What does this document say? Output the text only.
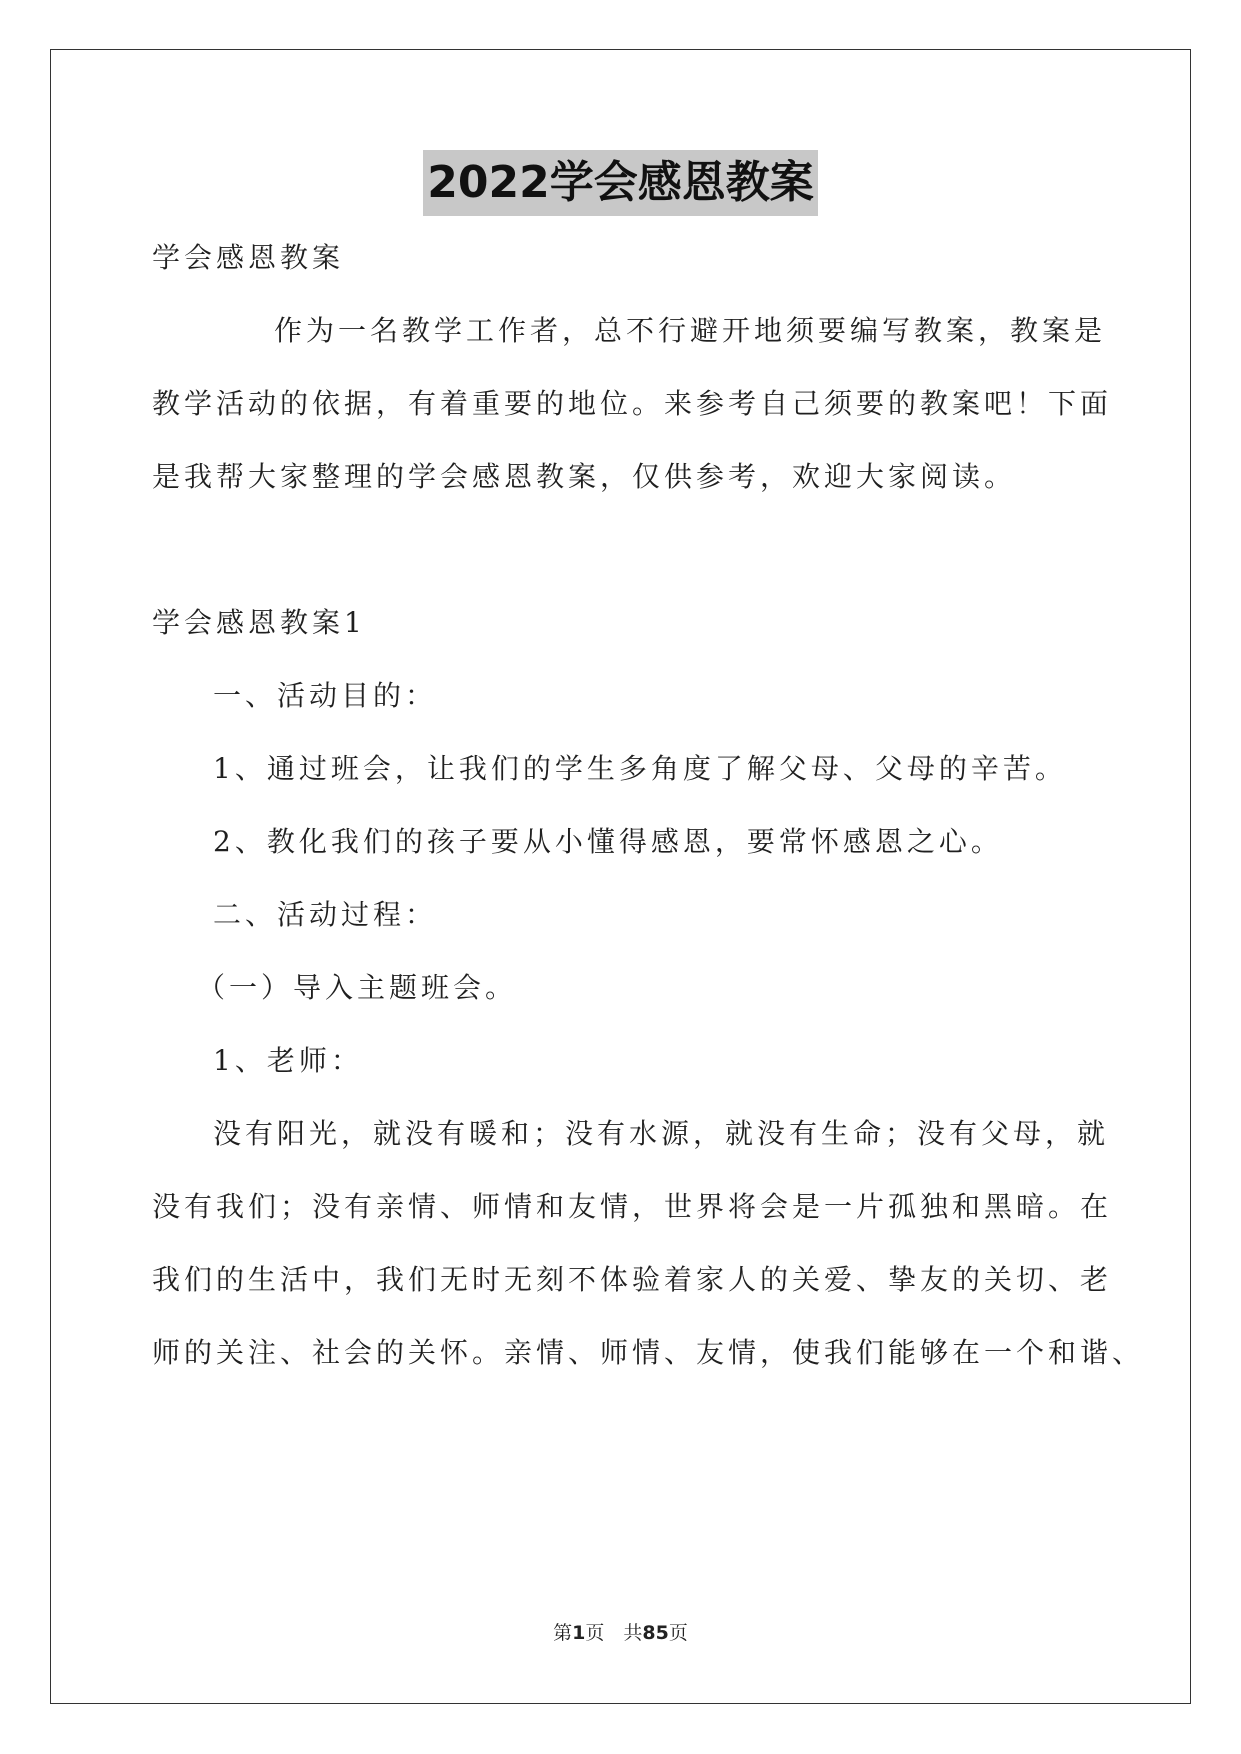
2022学会感恩教案
学会感恩教案
作为一名教学工作者，总不行避开地须要编写教案，教案是
教学活动的依据，有着重要的地位。来参考自己须要的教案吧！下面
是我帮大家整理的学会感恩教案，仅供参考，欢迎大家阅读。
学会感恩教案1
一、活动目的：
1、通过班会，让我们的学生多角度了解父母、父母的辛苦。
2、教化我们的孩子要从小懂得感恩，要常怀感恩之心。
二、活动过程：
（一）导入主题班会。
1、老师：
没有阳光，就没有暖和；没有水源，就没有生命；没有父母，就
没有我们；没有亲情、师情和友情，世界将会是一片孤独和黑暗。在
我们的生活中，我们无时无刻不体验着家人的关爱、挚友的关切、老
师的关注、社会的关怀。亲情、师情、友情，使我们能够在一个和谐、
第1页　共85页
